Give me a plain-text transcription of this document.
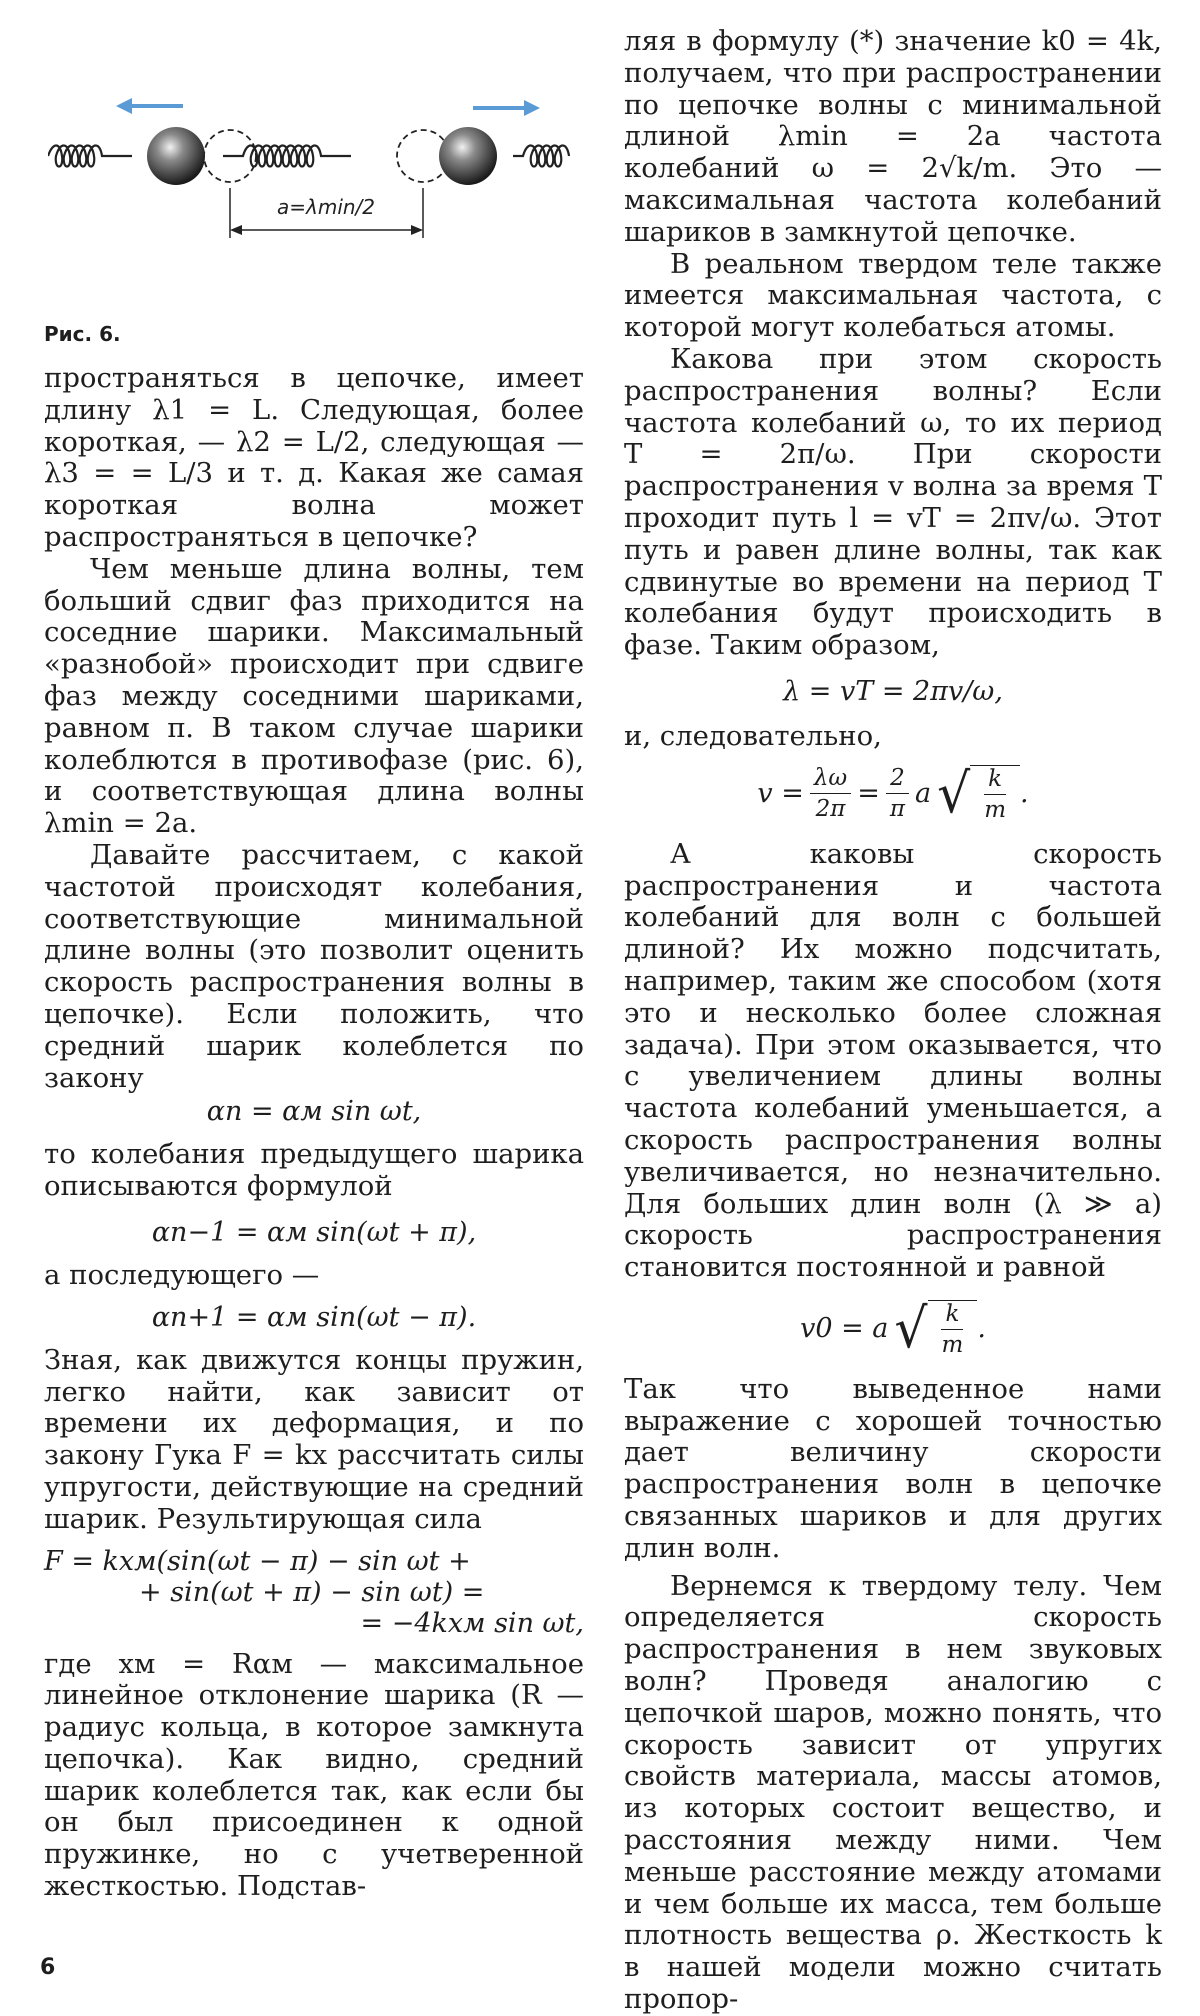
a=λmin/2

Рис. 6.

пространяться в цепочке, имеет длину λ1 = L. Следующая, более короткая, — λ2 = L/2, следующая — λ3 = = L/3 и т. д. Какая же самая короткая волна может распространяться в цепочке?

Чем меньше длина волны, тем больший сдвиг фаз приходится на соседние шарики. Максимальный «разнобой» происходит при сдвиге фаз между соседними шариками, равном π. В таком случае шарики колеблются в противофазе (рис. 6), и соответствующая длина волны λmin = 2a.

Давайте рассчитаем, с какой частотой происходят колебания, соответствующие минимальной длине волны (это позволит оценить скорость распространения волны в цепочке). Если положить, что средний шарик колеблется по закону

αn = αм sin ωt,

то колебания предыдущего шарика описываются формулой

αn−1 = αм sin(ωt + π),

а последующего —

αn+1 = αм sin(ωt − π).

Зная, как движутся концы пружин, легко найти, как зависит от времени их деформация, и по закону Гука F = kx рассчитать силы упругости, действующие на средний шарик. Результирующая сила

F = kxм(sin(ωt − π) − sin ωt +

+ sin(ωt + π) − sin ωt) =

= −4kxм sin ωt,

где xм = Rαм — максимальное линейное отклонение шарика (R — радиус кольца, в которое замкнута цепочка). Как видно, средний шарик колеблется так, как если бы он был присоединен к одной пружинке, но с учетверенной жесткостью. Подстав-

ляя в формулу (*) значение k0 = 4k, получаем, что при распространении по цепочке волны с минимальной длиной λmin = 2a частота колебаний ω = 2√k/m. Это — максимальная частота колебаний шариков в замкнутой цепочке.

В реальном твердом теле также имеется максимальная частота, с которой могут колебаться атомы.

Какова при этом скорость распространения волны? Если частота колебаний ω, то их период T = 2π/ω. При скорости распространения v волна за время T проходит путь l = vT = 2πv/ω. Этот путь и равен длине волны, так как сдвинутые во времени на период T колебания будут происходить в фазе. Таким образом,

λ = vT = 2πv/ω,

и, следовательно,

$v = \frac{\lambda\omega}{2\pi} = \frac{2}{\pi}$ a √ $\frac{k}{m}$ .

А каковы скорость распространения и частота колебаний для волн с большей длиной? Их можно подсчитать, например, таким же способом (хотя это и несколько более сложная задача). При этом оказывается, что с увеличением длины волны частота колебаний уменьшается, а скорость распространения волны увеличивается, но незначительно. Для больших длин волн (λ ≫ a) скорость распространения становится постоянной и равной

v0 = a √ $\frac{k}{m}$ .

Так что выведенное нами выражение с хорошей точностью дает величину скорости распространения волн в цепочке связанных шариков и для других длин волн.

Вернемся к твердому телу. Чем определяется скорость распространения в нем звуковых волн? Проведя аналогию с цепочкой шаров, можно понять, что скорость зависит от упругих свойств материала, массы атомов, из которых состоит вещество, и расстояния между ними. Чем меньше расстояние между атомами и чем больше их масса, тем больше плотность вещества ρ. Жесткость k в нашей модели можно считать пропор-

6
